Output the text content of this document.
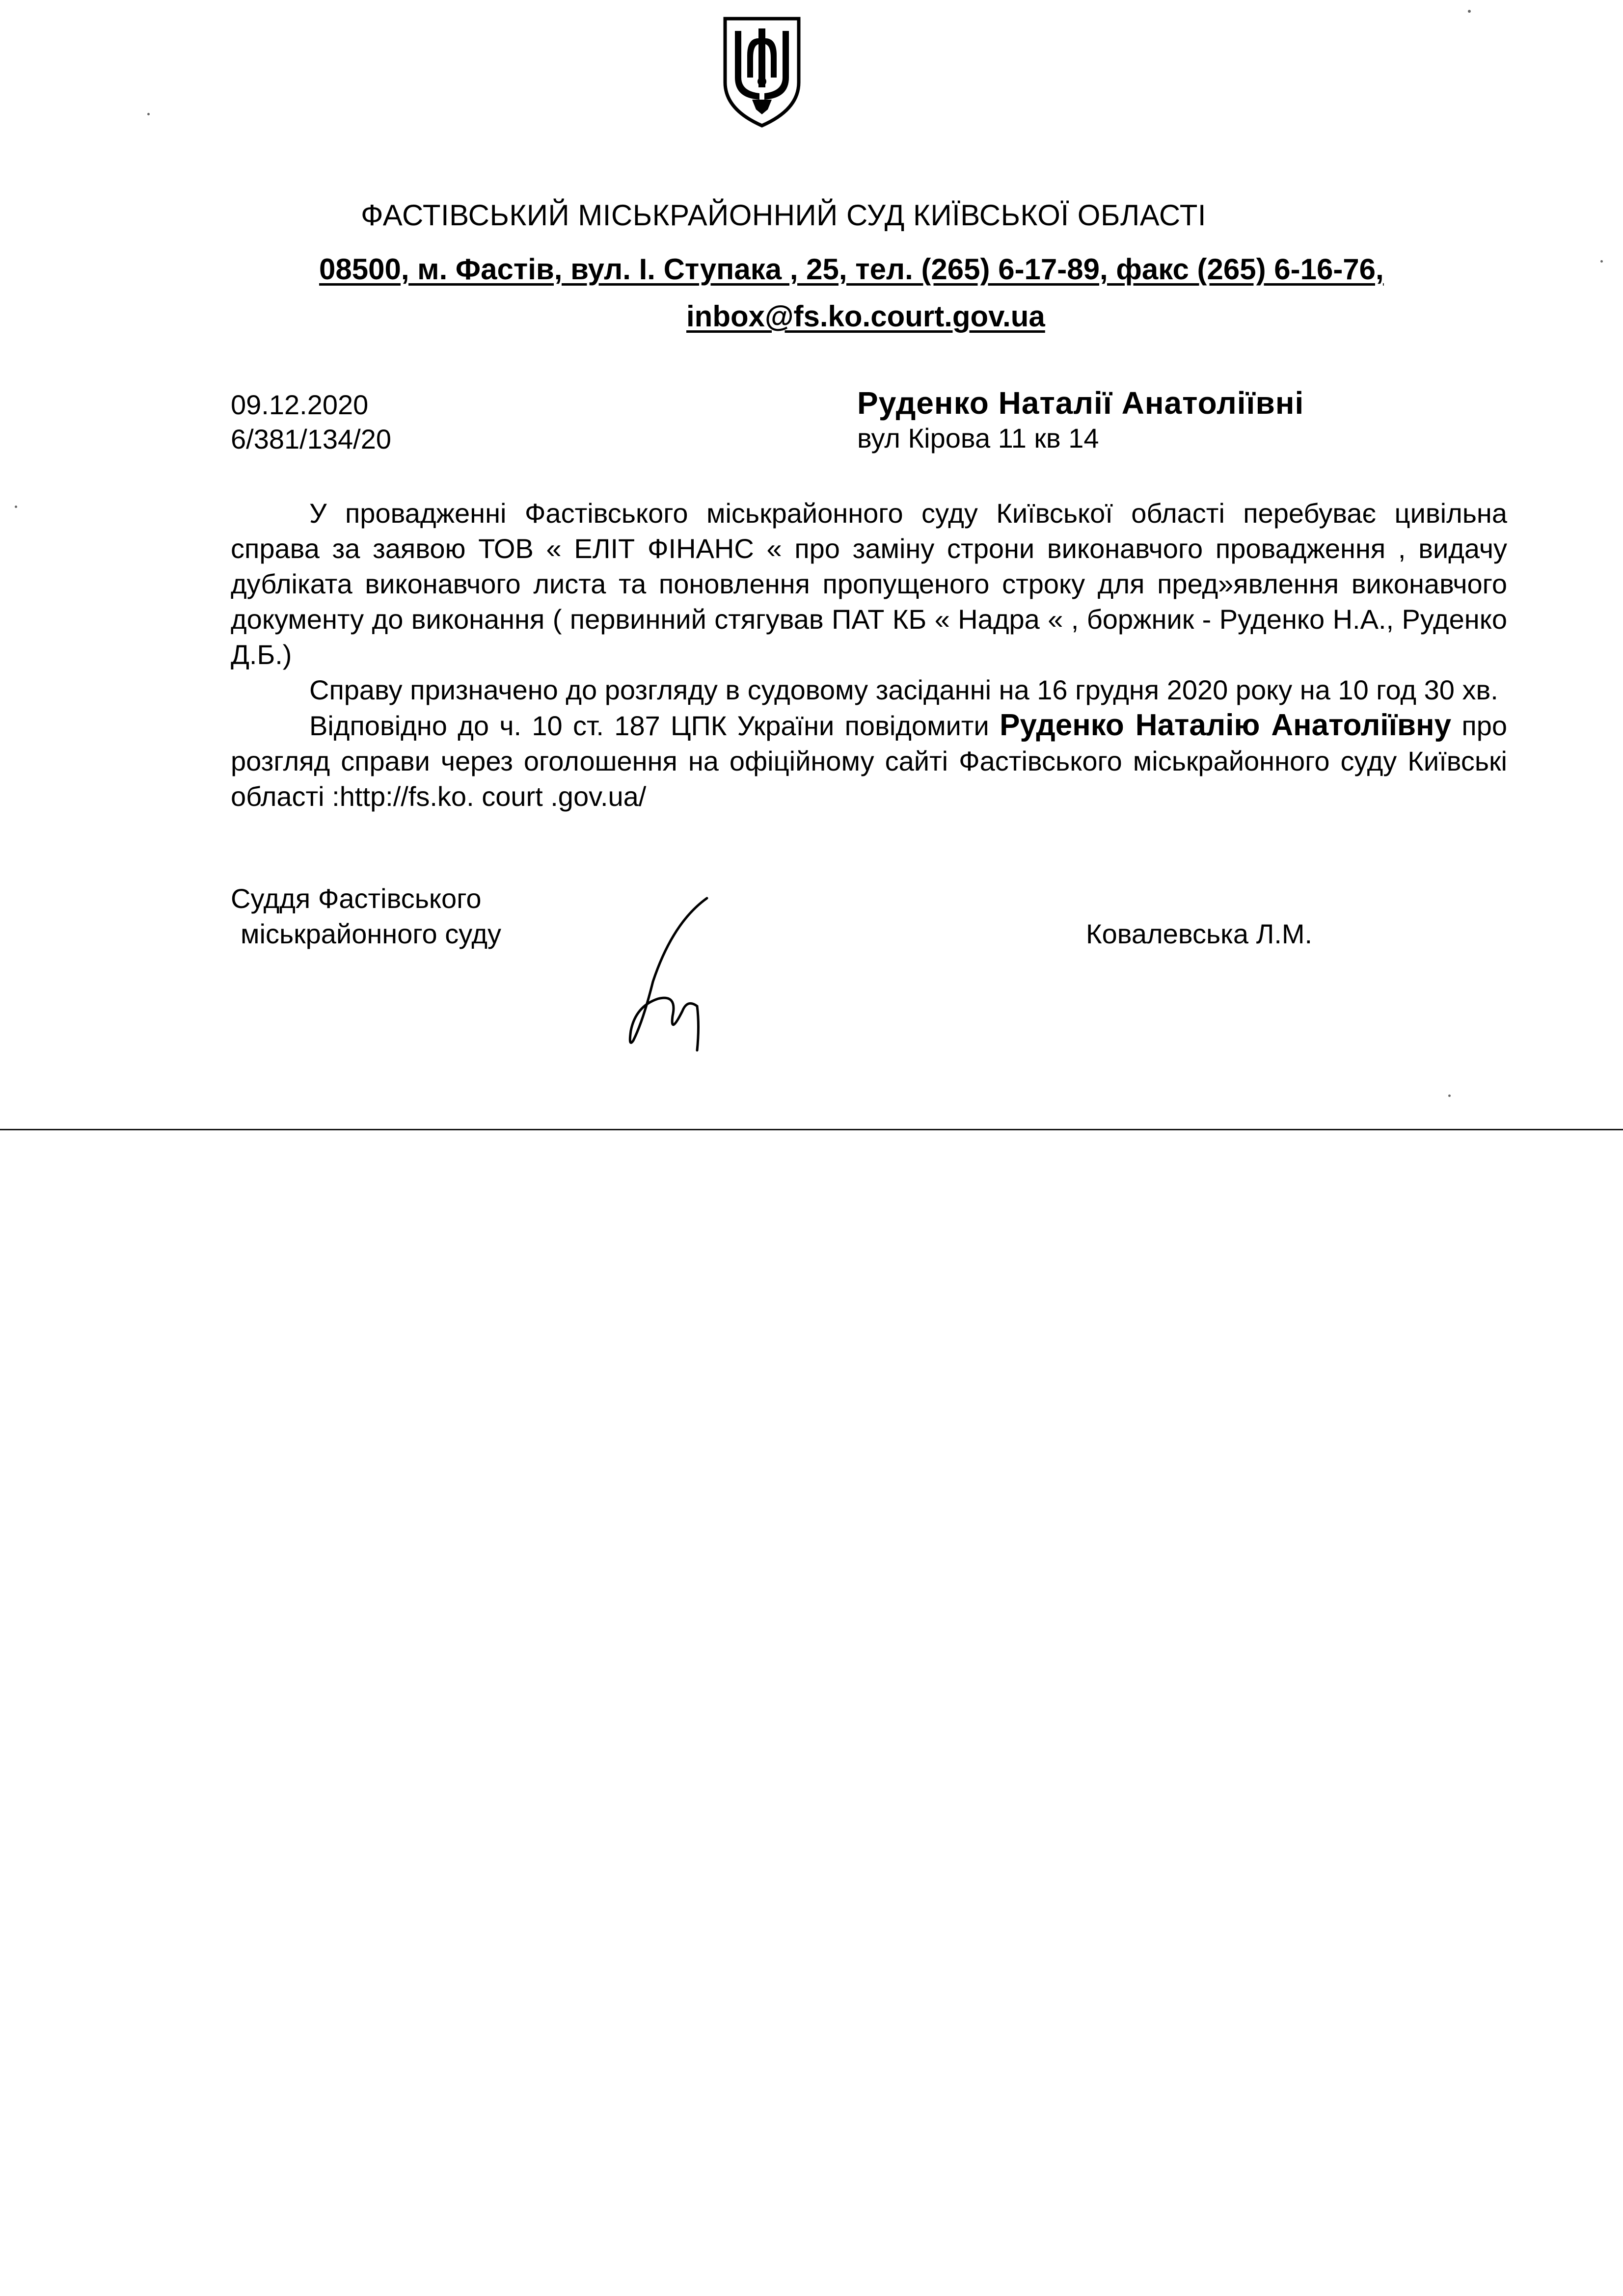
ФАСТІВСЬКИЙ МІСЬКРАЙОННИЙ СУД КИЇВСЬКОЇ ОБЛАСТІ
08500, м. Фастів, вул. І. Ступака , 25, тел. (265) 6-17-89, факс (265) 6-16-76,
inbox@fs.ko.court.gov.ua
09.12.2020
6/381/134/20
Руденко Наталії Анатоліївні
вул Кірова 11 кв 14

У провадженні Фастівського міськрайонного суду Київської області перебуває цивільна справа за заявою ТОВ « ЕЛІТ ФІНАНС « про заміну строни виконавчого провадження , видачу дубліката виконавчого листа та поновлення пропущеного строку для пред»явлення виконавчого документу до виконання ( первинний стягував ПАТ КБ « Надра « , боржник - Руденко Н.А., Руденко Д.Б.)

Справу призначено до розгляду в судовому засіданні на 16 грудня 2020 року на 10 год 30 хв.

Відповідно до ч. 10 ст. 187 ЦПК України повідомити Руденко Наталію Анатоліївну про розгляд справи через оголошення на офіційному сайті Фастівського міськрайонного суду Київські області :http://fs.ko. court .gov.ua/

Суддя Фастівського
міськрайонного суду	Ковалевська Л.М.
